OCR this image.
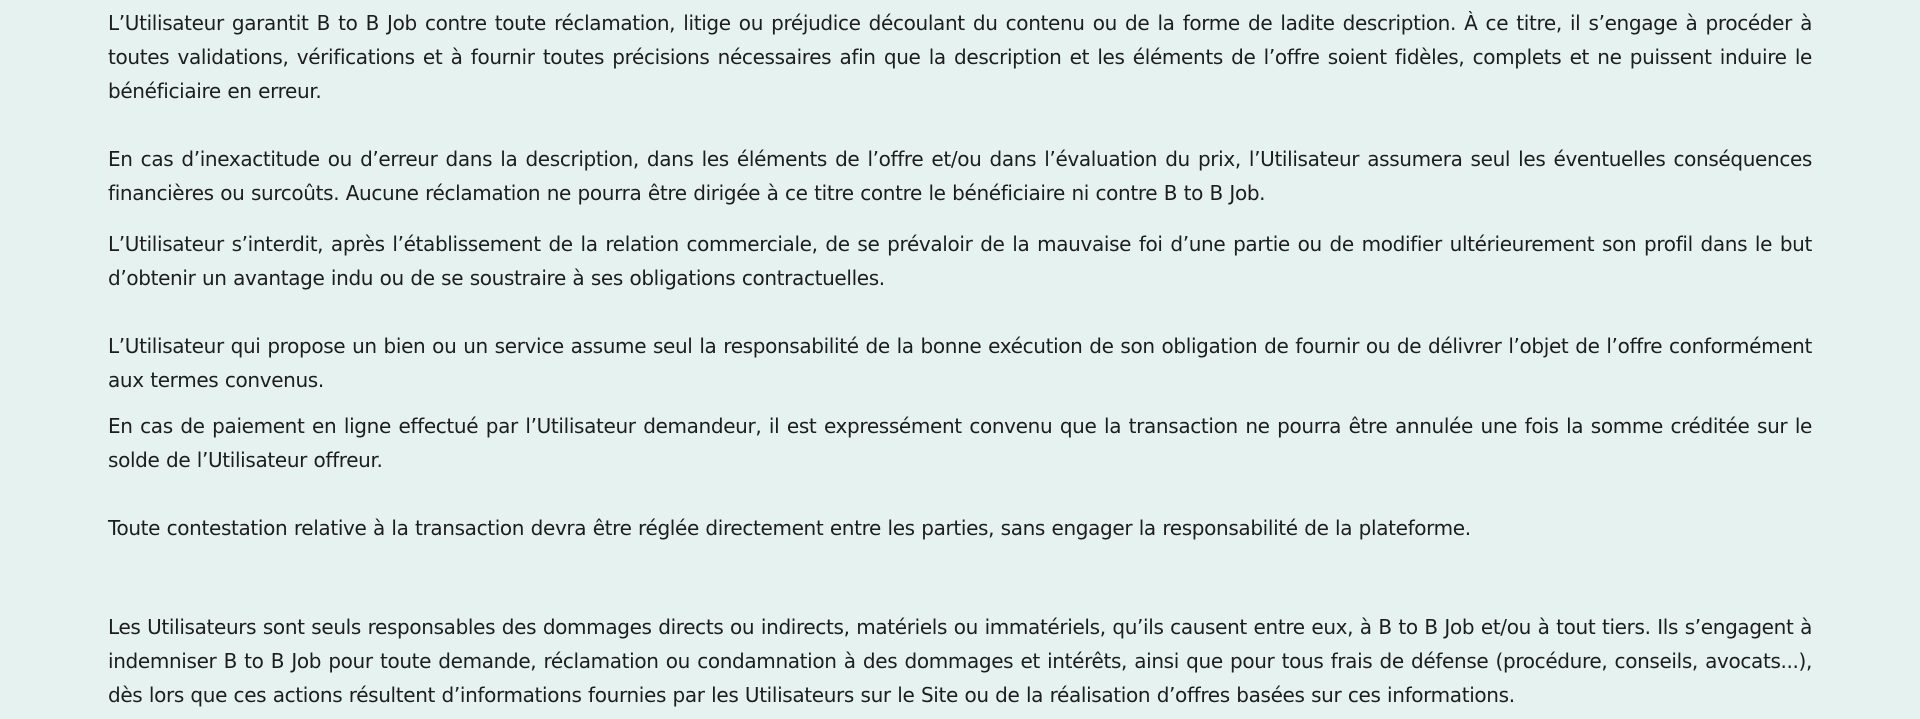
L’Utilisateur garantit B to B Job contre toute réclamation, litige ou préjudice découlant du contenu ou de la forme de ladite description. À ce titre, il s’engage à procéder à toutes validations, vérifications et à fournir toutes précisions nécessaires afin que la description et les éléments de l’offre soient fidèles, complets et ne puissent induire le bénéficiaire en erreur.

En cas d’inexactitude ou d’erreur dans la description, dans les éléments de l’offre et/ou dans l’évaluation du prix, l’Utilisateur assumera seul les éventuelles conséquences financières ou surcoûts. Aucune réclamation ne pourra être dirigée à ce titre contre le bénéficiaire ni contre B to B Job.

L’Utilisateur s’interdit, après l’établissement de la relation commerciale, de se prévaloir de la mauvaise foi d’une partie ou de modifier ultérieurement son profil dans le but d’obtenir un avantage indu ou de se soustraire à ses obligations contractuelles.

L’Utilisateur qui propose un bien ou un service assume seul la responsabilité de la bonne exécution de son obligation de fournir ou de délivrer l’objet de l’offre conformément aux termes convenus.

En cas de paiement en ligne effectué par l’Utilisateur demandeur, il est expressément convenu que la transaction ne pourra être annulée une fois la somme créditée sur le solde de l’Utilisateur offreur.

Toute contestation relative à la transaction devra être réglée directement entre les parties, sans engager la responsabilité de la plateforme.

Les Utilisateurs sont seuls responsables des dommages directs ou indirects, matériels ou immatériels, qu’ils causent entre eux, à B to B Job et/ou à tout tiers. Ils s’engagent à indemniser B to B Job pour toute demande, réclamation ou condamnation à des dommages et intérêts, ainsi que pour tous frais de défense (procédure, conseils, avocats...), dès lors que ces actions résultent d’informations fournies par les Utilisateurs sur le Site ou de la réalisation d’offres basées sur ces informations.
